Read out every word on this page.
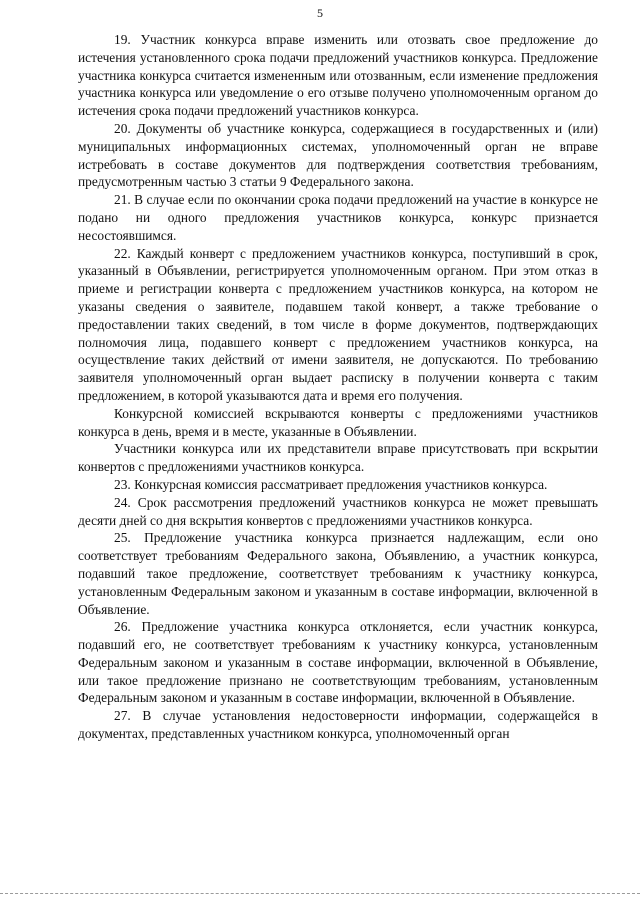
5

19. Участник конкурса вправе изменить или отозвать свое предложение до истечения установленного срока подачи предложений участников конкурса. Предложение участника конкурса считается измененным или отозванным, если изменение предложения участника конкурса или уведомление о его отзыве получено уполномоченным органом до истечения срока подачи предложений участников конкурса.

20. Документы об участнике конкурса, содержащиеся в государственных и (или) муниципальных информационных системах, уполномоченный орган не вправе истребовать в составе документов для подтверждения соответствия требованиям, предусмотренным частью 3 статьи 9 Федерального закона.

21. В случае если по окончании срока подачи предложений на участие в конкурсе не подано ни одного предложения участников конкурса, конкурс признается несостоявшимся.

22. Каждый конверт с предложением участников конкурса, поступивший в срок, указанный в Объявлении, регистрируется уполномоченным органом. При этом отказ в приеме и регистрации конверта с предложением участников конкурса, на котором не указаны сведения о заявителе, подавшем такой конверт, а также требование о предоставлении таких сведений, в том числе в форме документов, подтверждающих полномочия лица, подавшего конверт с предложением участников конкурса, на осуществление таких действий от имени заявителя, не допускаются. По требованию заявителя уполномоченный орган выдает расписку в получении конверта с таким предложением, в которой указываются дата и время его получения.

Конкурсной комиссией вскрываются конверты с предложениями участников конкурса в день, время и в месте, указанные в Объявлении.

Участники конкурса или их представители вправе присутствовать при вскрытии конвертов с предложениями участников конкурса.

23. Конкурсная комиссия рассматривает предложения участников конкурса.

24. Срок рассмотрения предложений участников конкурса не может превышать десяти дней со дня вскрытия конвертов с предложениями участников конкурса.

25. Предложение участника конкурса признается надлежащим, если оно соответствует требованиям Федерального закона, Объявлению, а участник конкурса, подавший такое предложение, соответствует требованиям к участнику конкурса, установленным Федеральным законом и указанным в составе информации, включенной в Объявление.

26. Предложение участника конкурса отклоняется, если участник конкурса, подавший его, не соответствует требованиям к участнику конкурса, установленным Федеральным законом и указанным в составе информации, включенной в Объявление, или такое предложение признано не соответствующим требованиям, установленным Федеральным законом и указанным в составе информации, включенной в Объявление.

27. В случае установления недостоверности информации, содержащейся в документах, представленных участником конкурса, уполномоченный орган
